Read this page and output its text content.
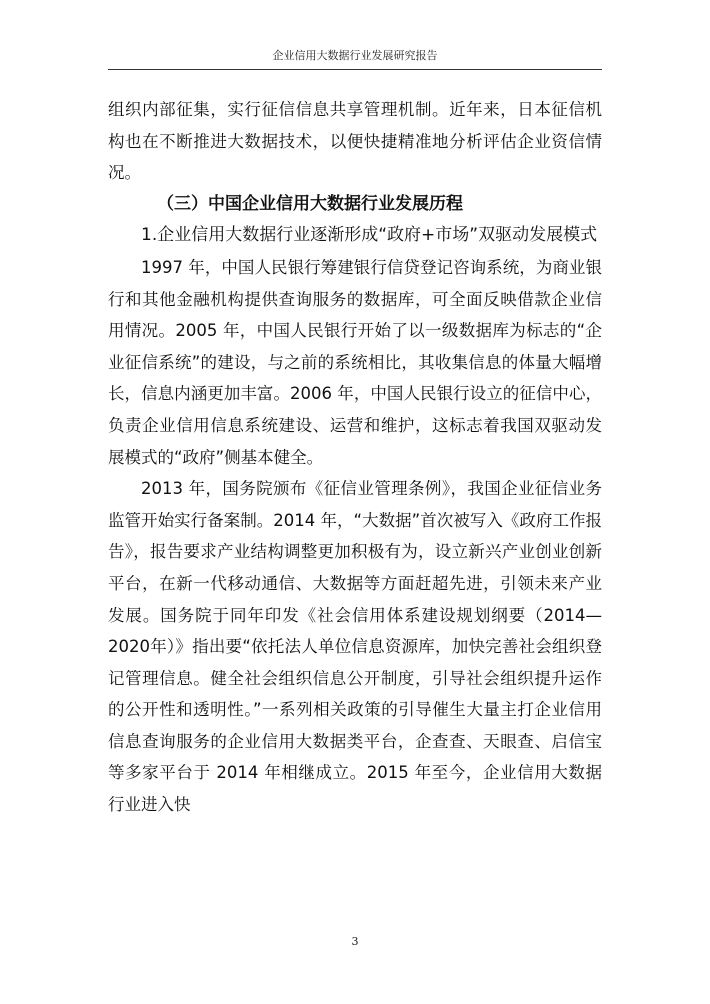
企业信用大数据行业发展研究报告

组织内部征集，实行征信信息共享管理机制。近年来，日本征信机构也在不断推进大数据技术，以便快捷精准地分析评估企业资信情况。

（三）中国企业信用大数据行业发展历程

1.企业信用大数据行业逐渐形成“政府+市场”双驱动发展模式

1997 年，中国人民银行筹建银行信贷登记咨询系统，为商业银行和其他金融机构提供查询服务的数据库，可全面反映借款企业信用情况。2005 年，中国人民银行开始了以一级数据库为标志的“企业征信系统”的建设，与之前的系统相比，其收集信息的体量大幅增长，信息内涵更加丰富。2006 年，中国人民银行设立的征信中心，负责企业信用信息系统建设、运营和维护，这标志着我国双驱动发展模式的“政府”侧基本健全。

2013 年，国务院颁布《征信业管理条例》，我国企业征信业务监管开始实行备案制。2014 年，“大数据”首次被写入《政府工作报告》，报告要求产业结构调整更加积极有为，设立新兴产业创业创新平台，在新一代移动通信、大数据等方面赶超先进，引领未来产业发展。国务院于同年印发《社会信用体系建设规划纲要（2014—2020年）》指出要“依托法人单位信息资源库，加快完善社会组织登记管理信息。健全社会组织信息公开制度，引导社会组织提升运作的公开性和透明性。”一系列相关政策的引导催生大量主打企业信用信息查询服务的企业信用大数据类平台，企查查、天眼查、启信宝等多家平台于 2014 年相继成立。2015 年至今，企业信用大数据行业进入快

3
